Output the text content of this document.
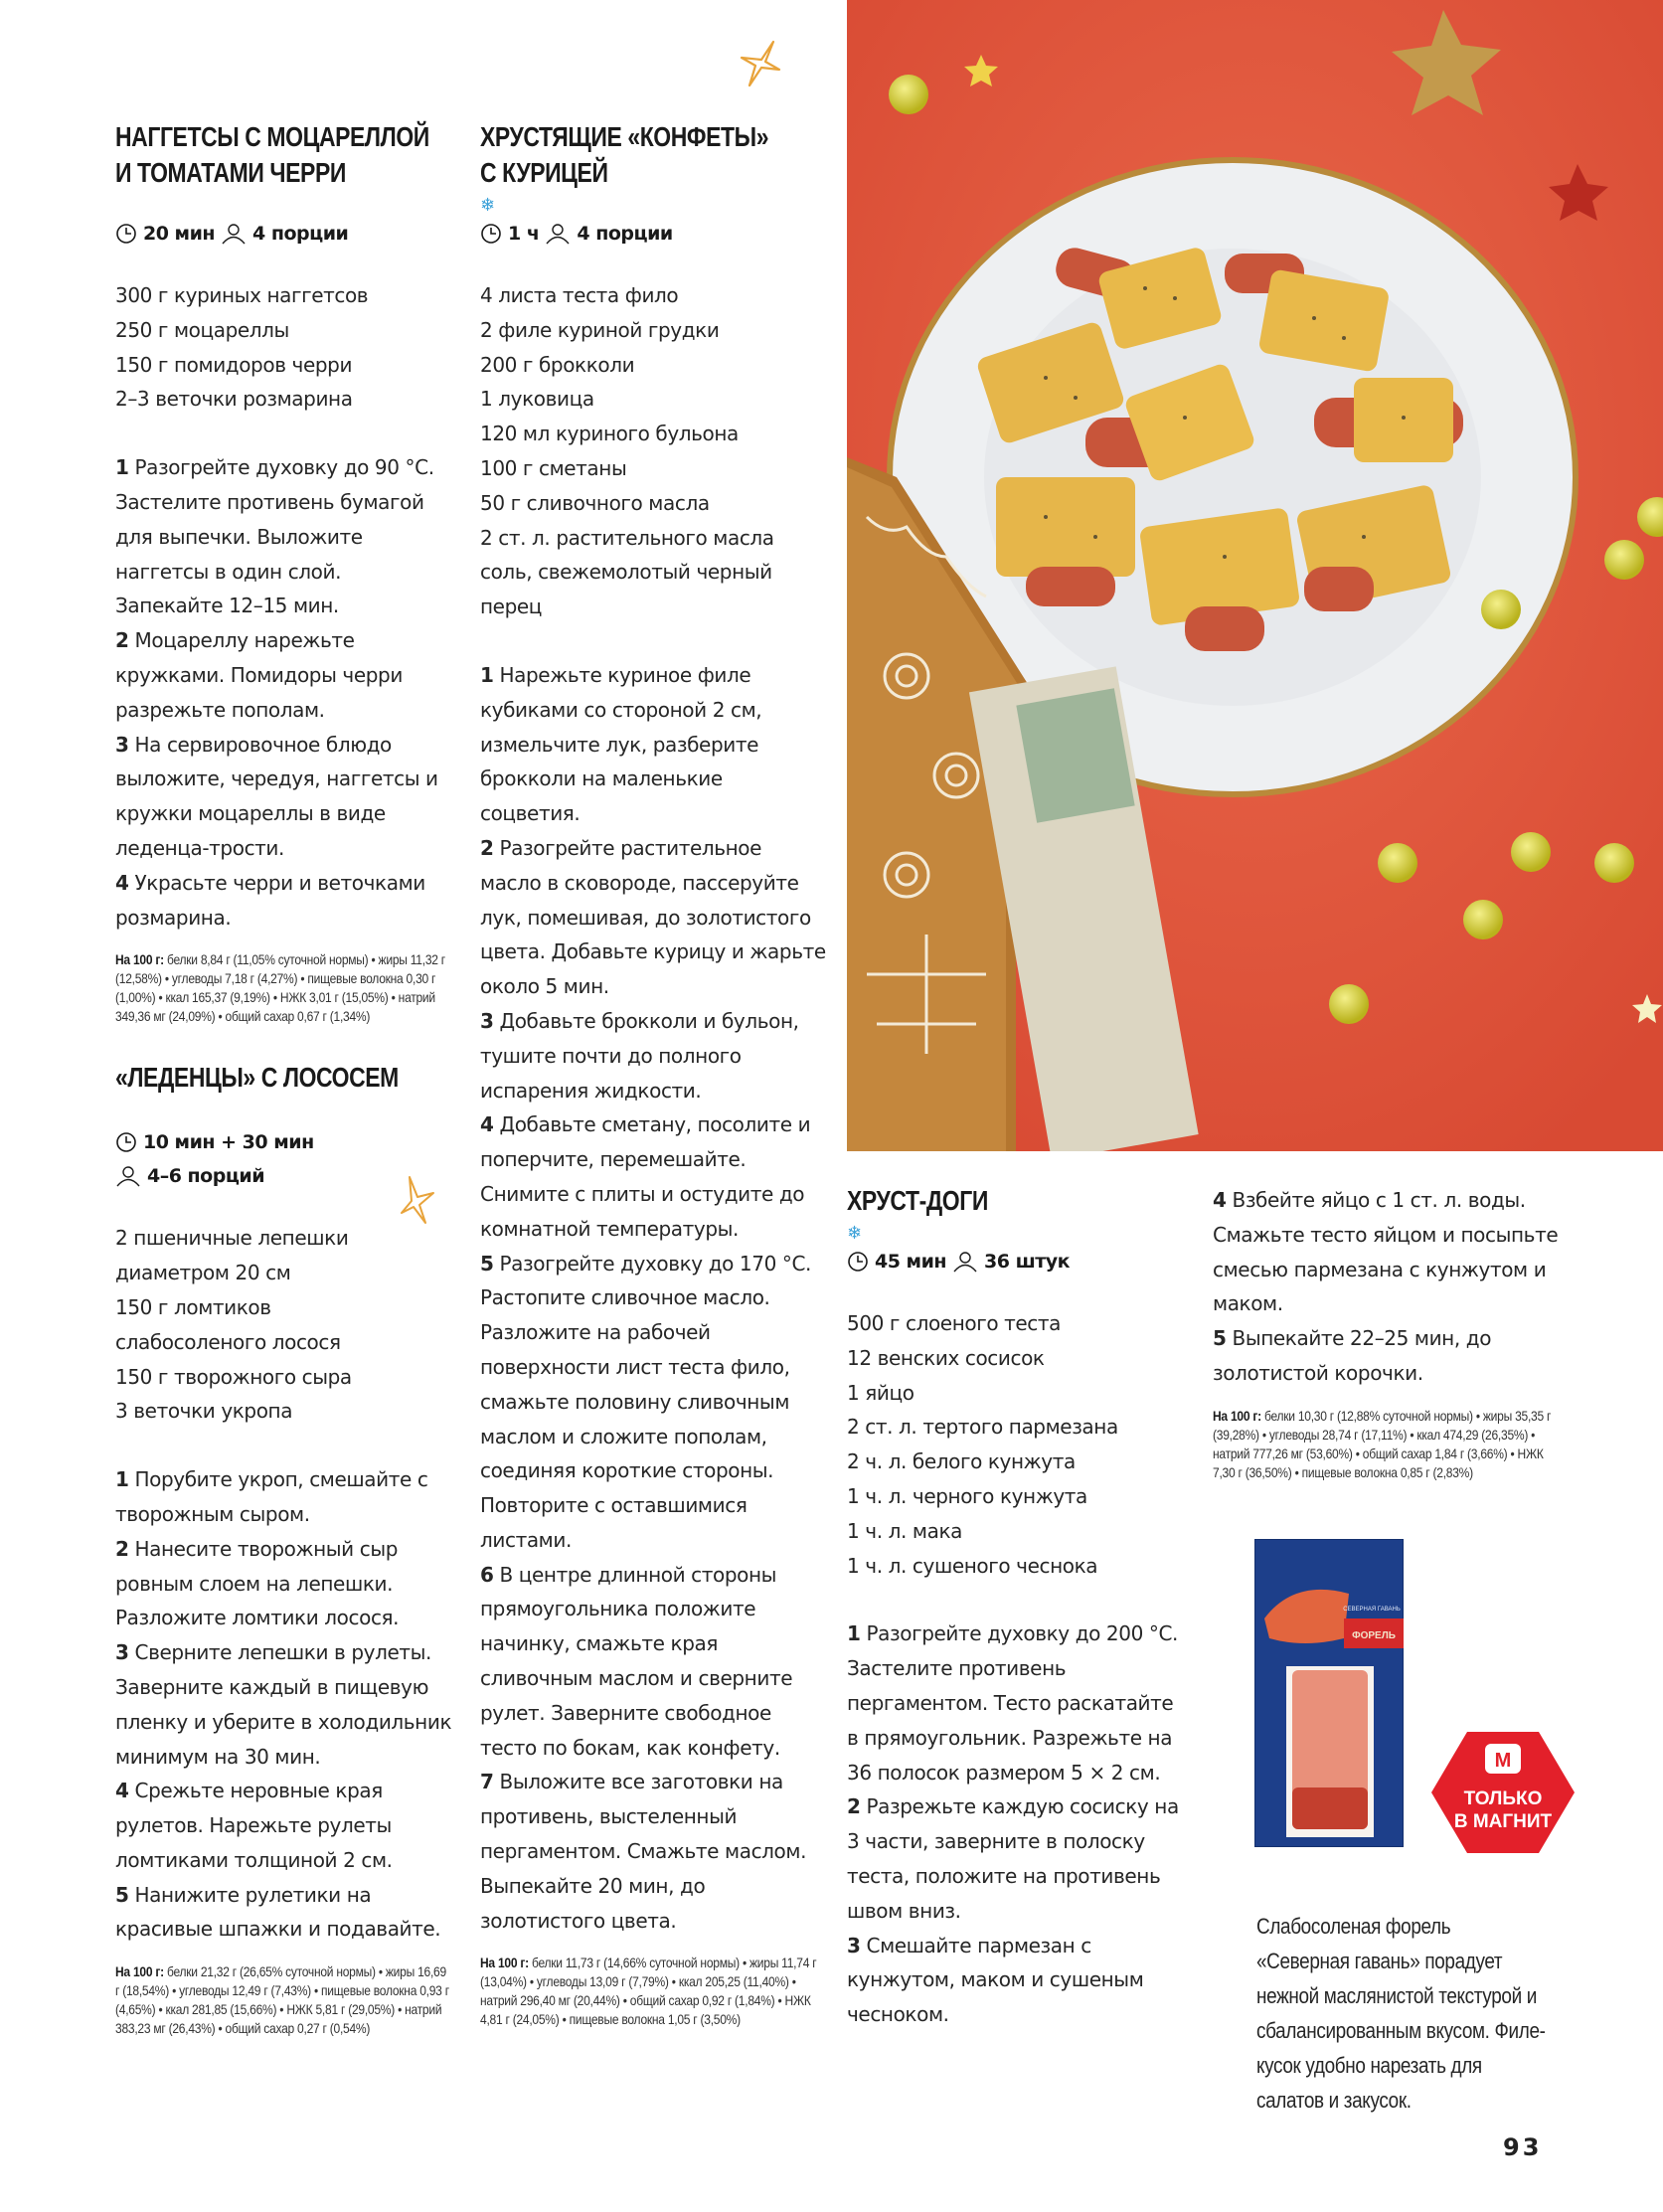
НАГГЕТСЫ С МОЦАРЕЛЛОЙ
И ТОМАТАМИ ЧЕРРИ
20 мин 4 порции
300 г куриных наггетсов
250 г моцареллы
150 г помидоров черри
2–3 веточки розмарина

1 Разогрейте духовку до 90 °С. Застелите противень бумагой для выпечки. Выложите наггетсы в один слой. Запекайте 12–15 мин.

2 Моцареллу нарежьте кружками. Помидоры черри разрежьте пополам.

3 На сервировочное блюдо выложите, чередуя, наггетсы и кружки моцареллы в виде леденца-трости.

4 Украсьте черри и веточками розмарина.

На 100 г: белки 8,84 г (11,05% суточной нормы) • жиры 11,32 г (12,58%) • углеводы 7,18 г (4,27%) • пищевые волокна 0,30 г (1,00%) • ккал 165,37 (9,19%) • НЖК 3,01 г (15,05%) • натрий 349,36 мг (24,09%) • общий сахар 0,67 г (1,34%)
«ЛЕДЕНЦЫ» С ЛОСОСЕМ
10 мин + 30 мин
4–6 порций
2 пшеничные лепешки
диаметром 20 см
150 г ломтиков
слабосоленого лосося
150 г творожного сыра
3 веточки укропа

1 Порубите укроп, смешайте с творожным сыром.

2 Нанесите творожный сыр ровным слоем на лепешки. Разложите ломтики лосося.

3 Сверните лепешки в рулеты. Заверните каждый в пищевую пленку и уберите в холодильник минимум на 30 мин.

4 Срежьте неровные края рулетов. Нарежьте рулеты ломтиками толщиной 2 см.

5 Нанижите рулетики на красивые шпажки и подавайте.

На 100 г: белки 21,32 г (26,65% суточной нормы) • жиры 16,69 г (18,54%) • углеводы 12,49 г (7,43%) • пищевые волокна 0,93 г (4,65%) • ккал 281,85 (15,66%) • НЖК 5,81 г (29,05%) • натрий 383,23 мг (26,43%) • общий сахар 0,27 г (0,54%)
ХРУСТЯЩИЕ «КОНФЕТЫ»
С КУРИЦЕЙ
❄
1 ч 4 порции
4 листа теста фило
2 филе куриной грудки
200 г брокколи
1 луковица
120 мл куриного бульона
100 г сметаны
50 г сливочного масла
2 ст. л. растительного масла
соль, свежемолотый черный
перец

1 Нарежьте куриное филе кубиками со стороной 2 см, измельчите лук, разберите брокколи на маленькие соцветия.

2 Разогрейте растительное масло в сковороде, пассеруйте лук, помешивая, до золотистого цвета. Добавьте курицу и жарьте около 5 мин.

3 Добавьте брокколи и бульон, тушите почти до полного испарения жидкости.

4 Добавьте сметану, посолите и поперчите, перемешайте. Снимите с плиты и остудите до комнатной температуры.

5 Разогрейте духовку до 170 °С. Растопите сливочное масло. Разложите на рабочей поверхности лист теста фило, смажьте половину сливочным маслом и сложите пополам, соединяя короткие стороны. Повторите с оставшимися листами.

6 В центре длинной стороны прямоугольника положите начинку, смажьте края сливочным маслом и сверните рулет. Заверните свободное тесто по бокам, как конфету.

7 Выложите все заготовки на противень, выстеленный пергаментом. Смажьте маслом. Выпекайте 20 мин, до золотистого цвета.

На 100 г: белки 11,73 г (14,66% суточной нормы) • жиры 11,74 г (13,04%) • углеводы 13,09 г (7,79%) • ккал 205,25 (11,40%) • натрий 296,40 мг (20,44%) • общий сахар 0,92 г (1,84%) • НЖК 4,81 г (24,05%) • пищевые волокна 1,05 г (3,50%)
ХРУСТ-ДОГИ
❄
45 мин 36 штук
500 г слоеного теста
12 венских сосисок
1 яйцо
2 ст. л. тертого пармезана
2 ч. л. белого кунжута
1 ч. л. черного кунжута
1 ч. л. мака
1 ч. л. сушеного чеснока

1 Разогрейте духовку до 200 °С. Застелите противень пергаментом. Тесто раскатайте в прямоугольник. Разрежьте на 36 полосок размером 5 × 2 см.

2 Разрежьте каждую сосиску на 3 части, заверните в полоску теста, положите на противень швом вниз.

3 Смешайте пармезан с кунжутом, маком и сушеным чесноком.

4 Взбейте яйцо с 1 ст. л. воды. Смажьте тесто яйцом и посыпьте смесью пармезана с кунжутом и маком.

5 Выпекайте 22–25 мин, до золотистой корочки.

На 100 г: белки 10,30 г (12,88% суточной нормы) • жиры 35,35 г (39,28%) • углеводы 28,74 г (17,11%) • ккал 474,29 (26,35%) • натрий 777,26 мг (53,60%) • общий сахар 1,84 г (3,66%) • НЖК 7,30 г (36,50%) • пищевые волокна 0,85 г (2,83%)
ФОРЕЛЬ
СЕВЕРНАЯ ГАВАНЬ
М
ТОЛЬКО
В МАГНИТ
Слабосоленая форель «Северная гавань» порадует нежной маслянистой текстурой и сбалансированным вкусом. Филе-кусок удобно нарезать для салатов и закусок.
93
